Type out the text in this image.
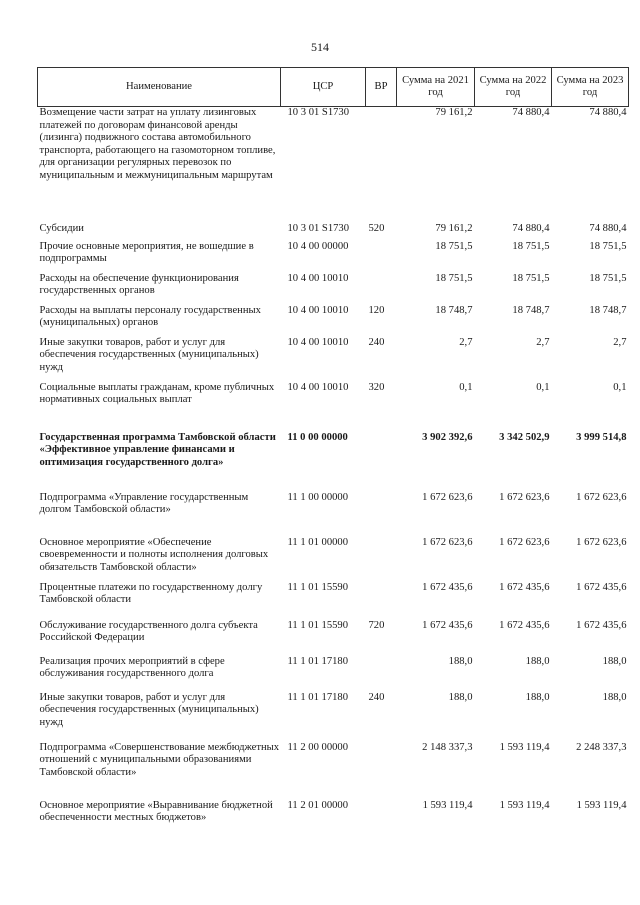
514
Наименование	ЦСР	ВР	Сумма на 2021 год	Сумма на 2022 год	Сумма на 2023 год
Возмещение части затрат на уплату лизинговых платежей по договорам финансовой аренды (лизинга) подвижного состава автомобильного транспорта, работающего на газомоторном топливе, для организации регулярных перевозок по муниципальным и межмуниципальным маршрутам	10 3 01 S1730		79 161,2	74 880,4	74 880,4
Субсидии	10 3 01 S1730	520	79 161,2	74 880,4	74 880,4
Прочие основные мероприятия, не вошедшие в подпрограммы	10 4 00 00000		18 751,5	18 751,5	18 751,5
Расходы на обеспечение функционирования государственных органов	10 4 00 10010		18 751,5	18 751,5	18 751,5
Расходы на выплаты персоналу государственных (муниципальных) органов	10 4 00 10010	120	18 748,7	18 748,7	18 748,7
Иные закупки товаров, работ и услуг для обеспечения государственных (муниципальных) нужд	10 4 00 10010	240	2,7	2,7	2,7
Социальные выплаты гражданам, кроме публичных нормативных социальных выплат	10 4 00 10010	320	0,1	0,1	0,1
Государственная программа Тамбовской области «Эффективное управление финансами и оптимизация государственного долга»	11 0 00 00000		3 902 392,6	3 342 502,9	3 999 514,8
Подпрограмма «Управление государственным долгом Тамбовской области»	11 1 00 00000		1 672 623,6	1 672 623,6	1 672 623,6
Основное мероприятие «Обеспечение своевременности и полноты исполнения долговых обязательств Тамбовской области»	11 1 01 00000		1 672 623,6	1 672 623,6	1 672 623,6
Процентные платежи по государственному долгу Тамбовской области	11 1 01 15590		1 672 435,6	1 672 435,6	1 672 435,6
Обслуживание государственного долга субъекта Российской Федерации	11 1 01 15590	720	1 672 435,6	1 672 435,6	1 672 435,6
Реализация прочих мероприятий в сфере обслуживания государственного долга	11 1 01 17180		188,0	188,0	188,0
Иные закупки товаров, работ и услуг для обеспечения государственных (муниципальных) нужд	11 1 01 17180	240	188,0	188,0	188,0
Подпрограмма «Совершенствование межбюджетных отношений с муниципальными образованиями Тамбовской области»	11 2 00 00000		2 148 337,3	1 593 119,4	2 248 337,3
Основное мероприятие «Выравнивание бюджетной обеспеченности местных бюджетов»	11 2 01 00000		1 593 119,4	1 593 119,4	1 593 119,4
